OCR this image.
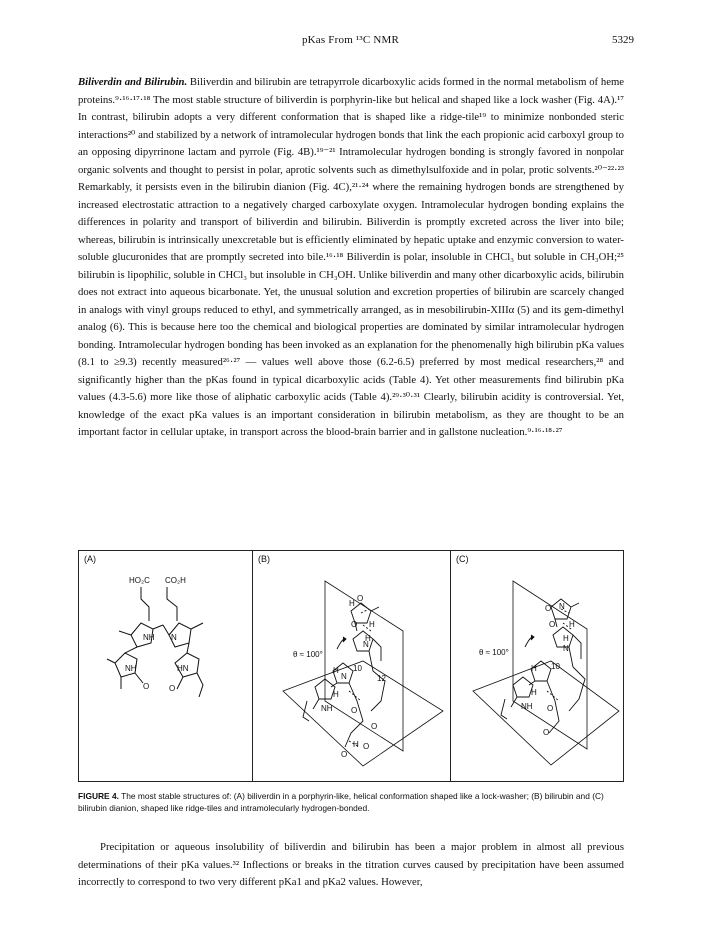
pKas From ¹³C NMR	5329

Biliverdin and Bilirubin. Biliverdin and bilirubin are tetrapyrrole dicarboxylic acids formed in the normal metabolism of heme proteins.⁹·¹⁶·¹⁷·¹⁸ The most stable structure of biliverdin is porphyrin-like but helical and shaped like a lock washer (Fig. 4A).¹⁷ In contrast, bilirubin adopts a very different conformation that is shaped like a ridge-tile¹⁹ to minimize nonbonded steric interactions²⁰ and stabilized by a network of intramolecular hydrogen bonds that link the each propionic acid carboxyl group to an opposing dipyrrinone lactam and pyrrole (Fig. 4B).¹⁹⁻²¹ Intramolecular hydrogen bonding is strongly favored in nonpolar organic solvents and thought to persist in polar, aprotic solvents such as dimethylsulfoxide and in polar, protic solvents.²⁰⁻²²·²³ Remarkably, it persists even in the bilirubin dianion (Fig. 4C),²¹·²⁴ where the remaining hydrogen bonds are strengthened by increased electrostatic attraction to a negatively charged carboxylate oxygen. Intramolecular hydrogen bonding explains the differences in polarity and transport of biliverdin and bilirubin. Biliverdin is promptly excreted across the liver into bile; whereas, bilirubin is intrinsically unexcretable but is efficiently eliminated by hepatic uptake and enzymic conversion to water-soluble glucuronides that are promptly secreted into bile.¹⁶·¹⁸ Biliverdin is polar, insoluble in CHCl₃ but soluble in CH₃OH;²⁵ bilirubin is lipophilic, soluble in CHCl₃ but insoluble in CH₃OH. Unlike biliverdin and many other dicarboxylic acids, bilirubin does not extract into aqueous bicarbonate. Yet, the unusual solution and excretion properties of bilirubin are scarcely changed in analogs with vinyl groups reduced to ethyl, and symmetrically arranged, as in mesobilirubin-XIIIα (5) and its gem-dimethyl analog (6). This is because here too the chemical and biological properties are dominated by similar intramolecular hydrogen bonding. Intramolecular hydrogen bonding has been invoked as an explanation for the phenomenally high bilirubin pKa values (8.1 to ≥9.3) recently measured²⁶·²⁷ — values well above those (6.2-6.5) preferred by most medical researchers,²⁸ and significantly higher than the pKas found in typical dicarboxylic acids (Table 4). Yet other measurements find bilirubin pKa values (4.3-5.6) more like those of aliphatic carboxylic acids (Table 4).²⁹·³⁰·³¹ Clearly, bilirubin acidity is controversial. Yet, knowledge of the exact pKa values is an important consideration in bilirubin metabolism, as they are thought to be an important factor in cellular uptake, in transport across the blood-brain barrier and in gallstone nucleation.⁹·¹⁶·¹⁸·²⁷

(A)
HO₂C CO₂H
NH N
NH	HN
O O
(B)
θ ≈ 100°
H
O
O H
N
H
N
H 10
H
12
NH O
O
H O
O
(C)
θ ≈ 100°
O N
O H
H
N
H 10
H
NH O
O

FIGURE 4. The most stable structures of: (A) biliverdin in a porphyrin-like, helical conformation shaped like a lock-washer; (B) bilirubin and (C) bilirubin dianion, shaped like ridge-tiles and intramolecularly hydrogen-bonded.

Precipitation or aqueous insolubility of biliverdin and bilirubin has been a major problem in almost all previous determinations of their pKa values.³² Inflections or breaks in the titration curves caused by precipitation have been assumed incorrectly to correspond to two very different pKa1 and pKa2 values. However,
